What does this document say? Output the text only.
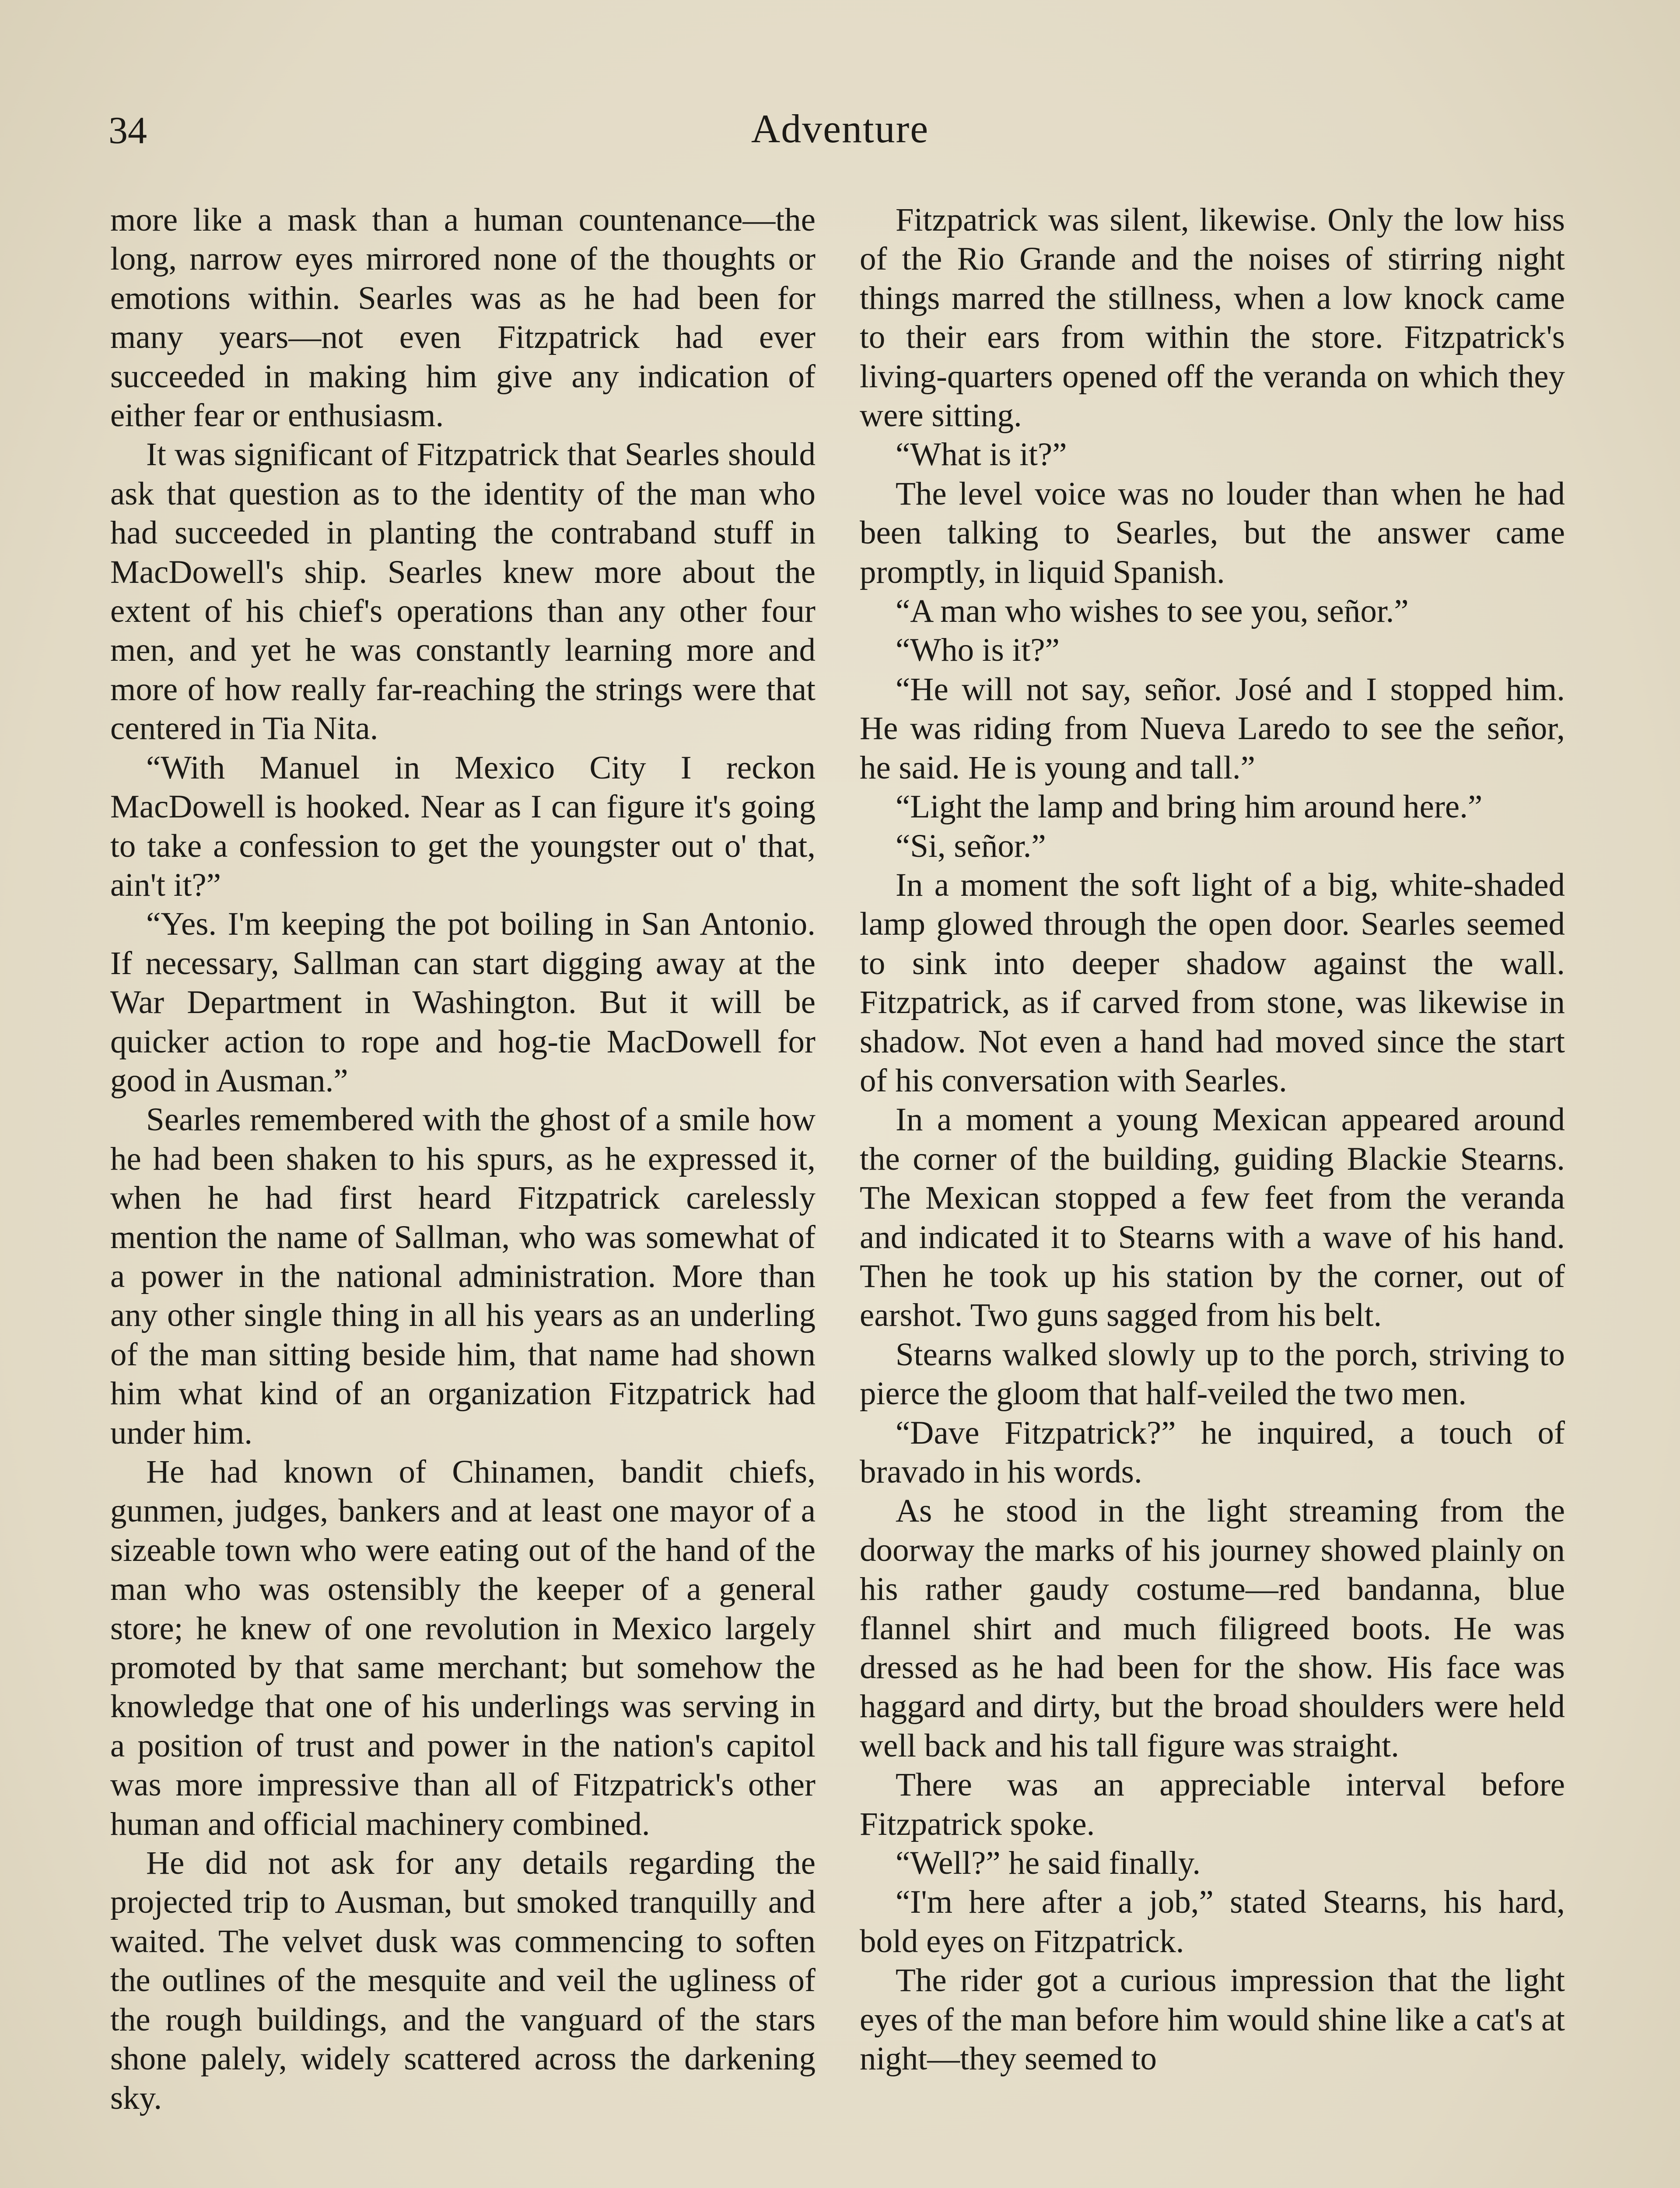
34	Adventure

more like a mask than a human countenance—the long, narrow eyes mirrored none of the thoughts or emotions within. Searles was as he had been for many years—not even Fitzpatrick had ever succeeded in making him give any indication of either fear or enthusiasm.

It was significant of Fitzpatrick that Searles should ask that question as to the identity of the man who had succeeded in planting the contraband stuff in MacDowell's ship. Searles knew more about the extent of his chief's operations than any other four men, and yet he was constantly learning more and more of how really far-reaching the strings were that centered in Tia Nita.

“With Manuel in Mexico City I reckon MacDowell is hooked. Near as I can figure it's going to take a confession to get the youngster out o' that, ain't it?”

“Yes. I'm keeping the pot boiling in San Antonio. If necessary, Sallman can start digging away at the War Department in Washington. But it will be quicker action to rope and hog-tie MacDowell for good in Ausman.”

Searles remembered with the ghost of a smile how he had been shaken to his spurs, as he expressed it, when he had first heard Fitzpatrick carelessly mention the name of Sallman, who was somewhat of a power in the national administration. More than any other single thing in all his years as an underling of the man sitting beside him, that name had shown him what kind of an organization Fitzpatrick had under him.

He had known of Chinamen, bandit chiefs, gunmen, judges, bankers and at least one mayor of a sizeable town who were eating out of the hand of the man who was ostensibly the keeper of a general store; he knew of one revolution in Mexico largely promoted by that same merchant; but somehow the knowledge that one of his underlings was serving in a position of trust and power in the nation's capitol was more impressive than all of Fitzpatrick's other human and official machinery combined.

He did not ask for any details regarding the projected trip to Ausman, but smoked tranquilly and waited. The velvet dusk was commencing to soften the outlines of the mesquite and veil the ugliness of the rough buildings, and the vanguard of the stars shone palely, widely scattered across the darkening sky.

Fitzpatrick was silent, likewise. Only the low hiss of the Rio Grande and the noises of stirring night things marred the stillness, when a low knock came to their ears from within the store. Fitzpatrick's living-quarters opened off the veranda on which they were sitting.

“What is it?”

The level voice was no louder than when he had been talking to Searles, but the answer came promptly, in liquid Spanish.

“A man who wishes to see you, señor.”

“Who is it?”

“He will not say, señor. José and I stopped him. He was riding from Nueva Laredo to see the señor, he said. He is young and tall.”

“Light the lamp and bring him around here.”

“Si, señor.”

In a moment the soft light of a big, white-shaded lamp glowed through the open door. Searles seemed to sink into deeper shadow against the wall. Fitzpatrick, as if carved from stone, was likewise in shadow. Not even a hand had moved since the start of his conversation with Searles.

In a moment a young Mexican appeared around the corner of the building, guiding Blackie Stearns. The Mexican stopped a few feet from the veranda and indicated it to Stearns with a wave of his hand. Then he took up his station by the corner, out of earshot. Two guns sagged from his belt.

Stearns walked slowly up to the porch, striving to pierce the gloom that half-veiled the two men.

“Dave Fitzpatrick?” he inquired, a touch of bravado in his words.

As he stood in the light streaming from the doorway the marks of his journey showed plainly on his rather gaudy costume—red bandanna, blue flannel shirt and much filigreed boots. He was dressed as he had been for the show. His face was haggard and dirty, but the broad shoulders were held well back and his tall figure was straight.

There was an appreciable interval before Fitzpatrick spoke.

“Well?” he said finally.

“I'm here after a job,” stated Stearns, his hard, bold eyes on Fitzpatrick.

The rider got a curious impression that the light eyes of the man before him would shine like a cat's at night—they seemed to
